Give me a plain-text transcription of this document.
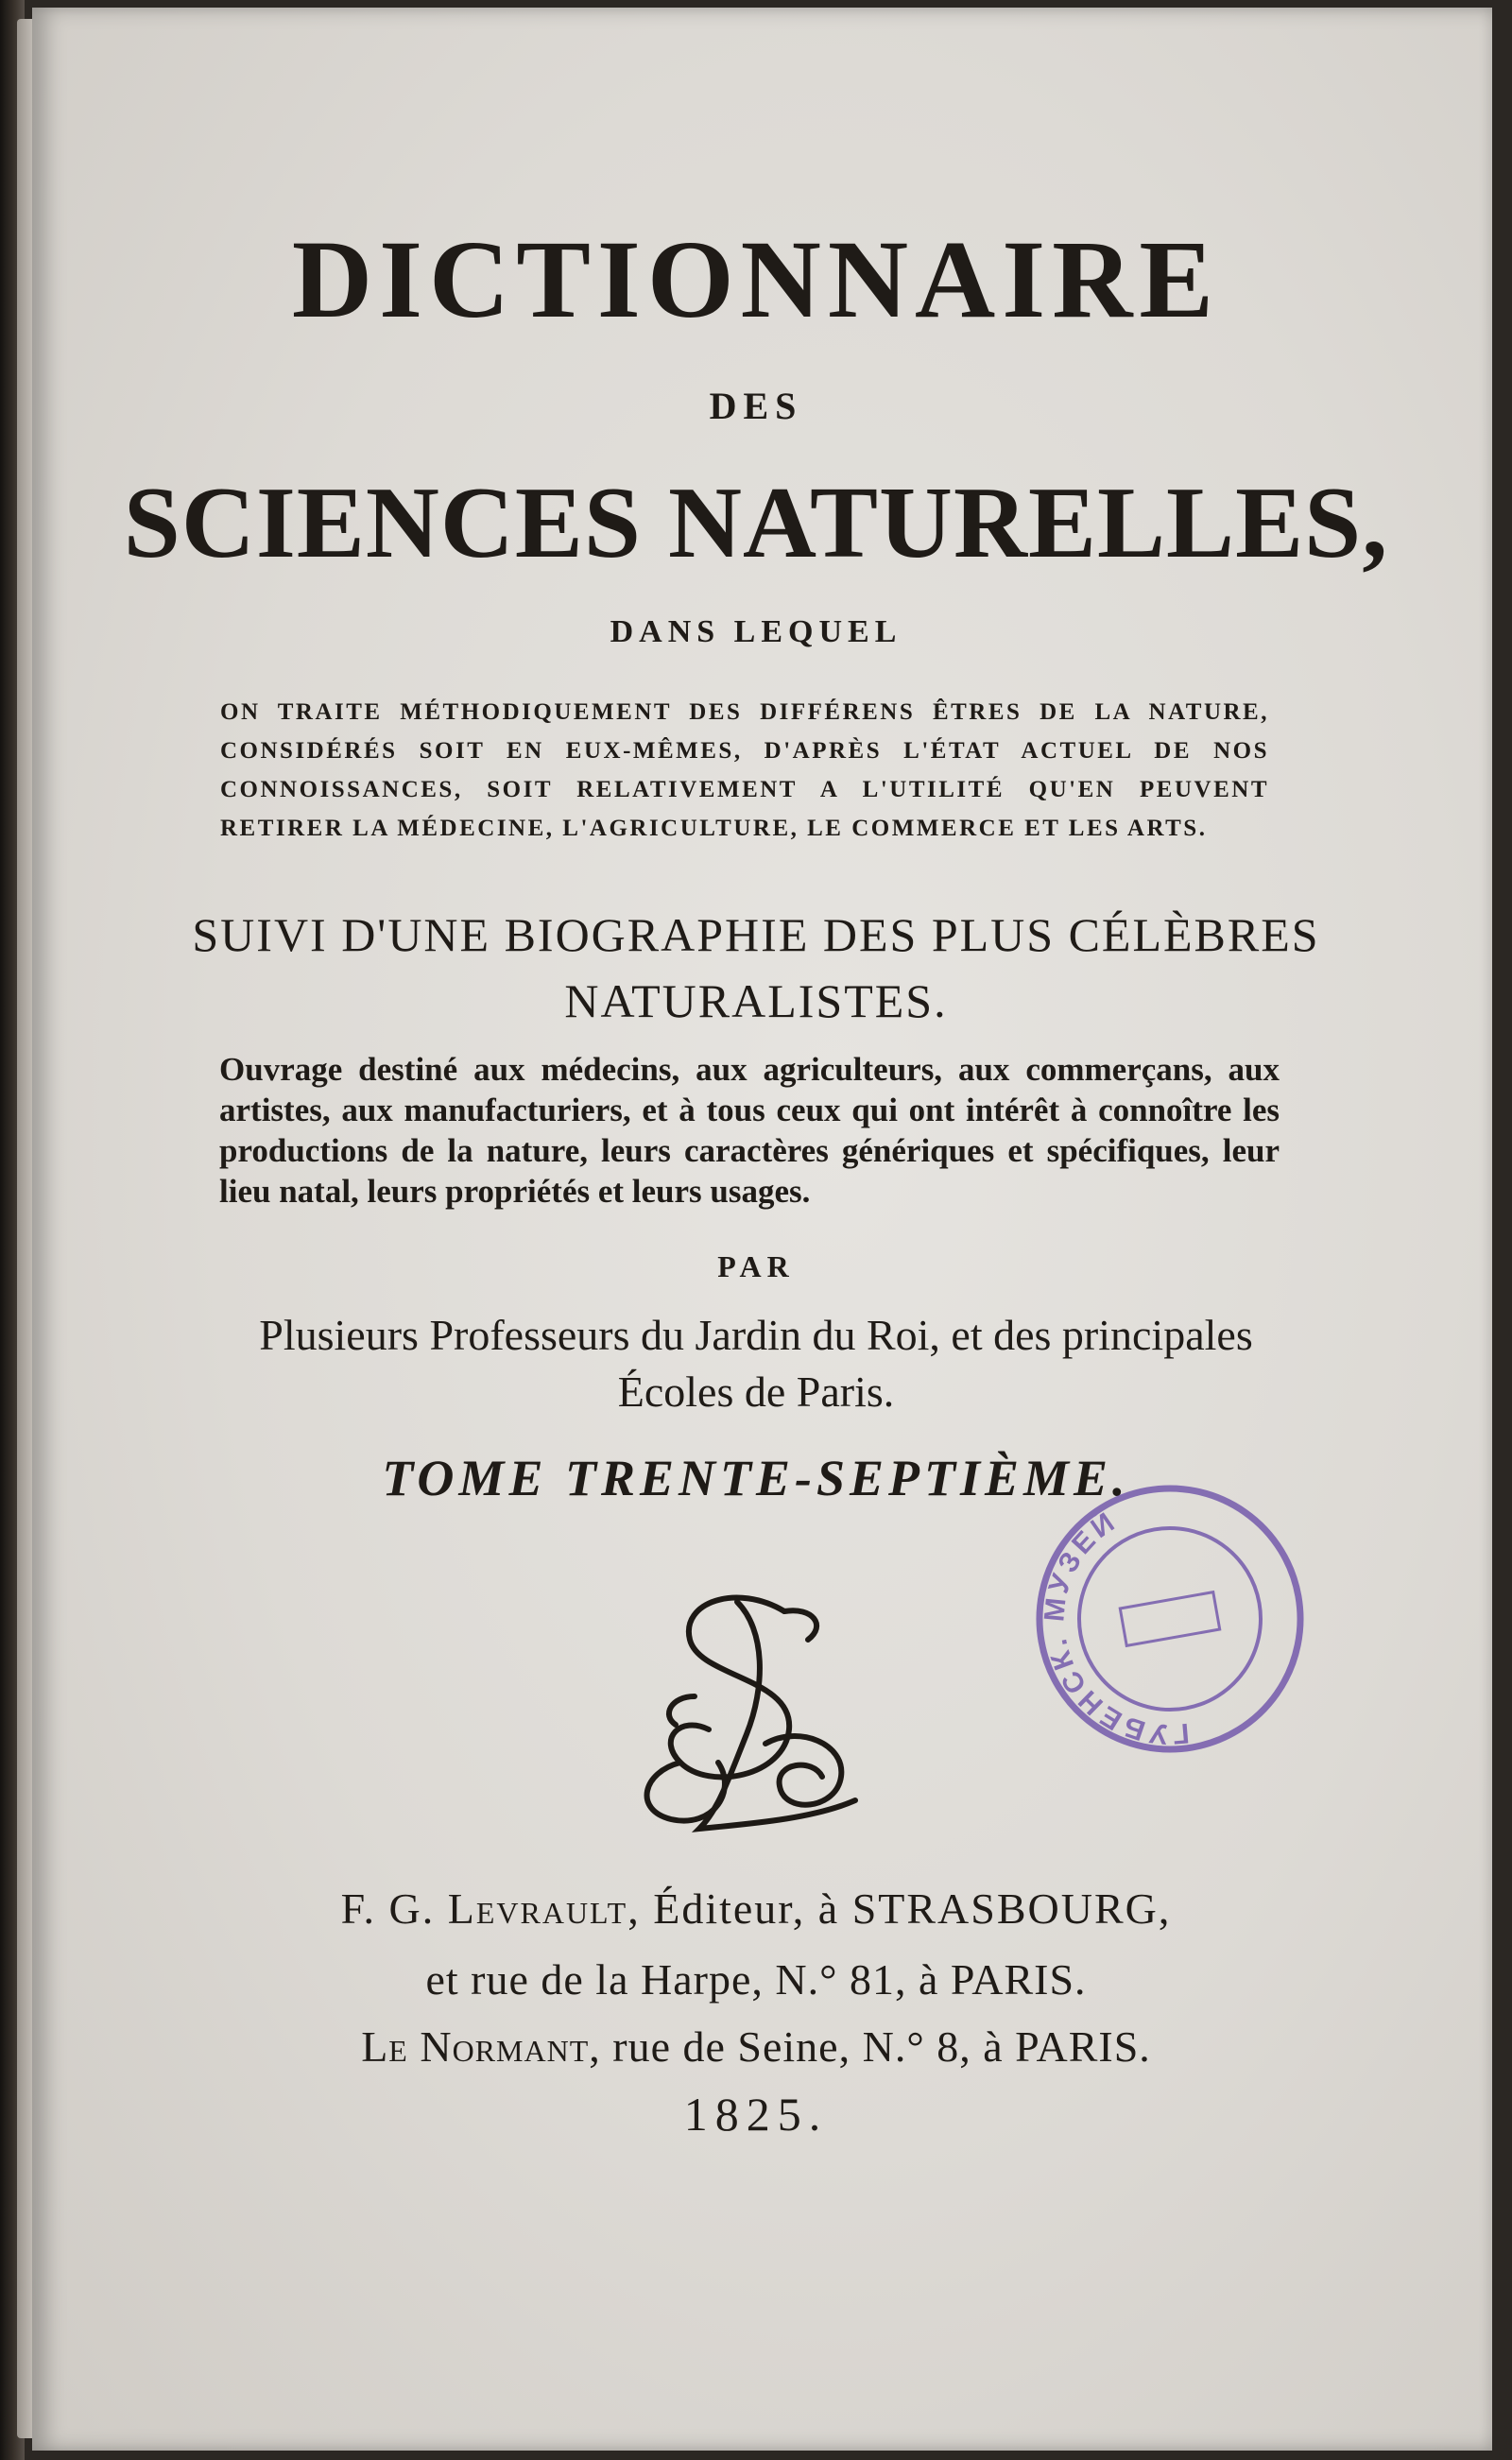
DICTIONNAIRE
DES
SCIENCES NATURELLES,
DANS LEQUEL
ON TRAITE MÉTHODIQUEMENT DES DIFFÉRENS ÊTRES DE LA NATURE, CONSIDÉRÉS SOIT EN EUX-MÊMES, D'APRÈS L'ÉTAT ACTUEL DE NOS CONNOISSANCES, SOIT RELATIVEMENT A L'UTILITÉ QU'EN PEUVENT RETIRER LA MÉDECINE, L'AGRICULTURE, LE COMMERCE ET LES ARTS.
SUIVI D'UNE BIOGRAPHIE DES PLUS CÉLÈBRES
NATURALISTES.
Ouvrage destiné aux médecins, aux agriculteurs, aux commerçans, aux artistes, aux manufacturiers, et à tous ceux qui ont intérêt à connoître les productions de la nature, leurs caractères génériques et spécifiques, leur lieu natal, leurs propriétés et leurs usages.
PAR
Plusieurs Professeurs du Jardin du Roi, et des principales
Écoles de Paris.
TOME TRENTE-SEPTIÈME.
ГУБЕНСК. МУЗЕЙ
F. G. Levrault, Éditeur, à STRASBOURG,
et rue de la Harpe, N.° 81, à PARIS.
Le Normant, rue de Seine, N.° 8, à PARIS.
1825.
